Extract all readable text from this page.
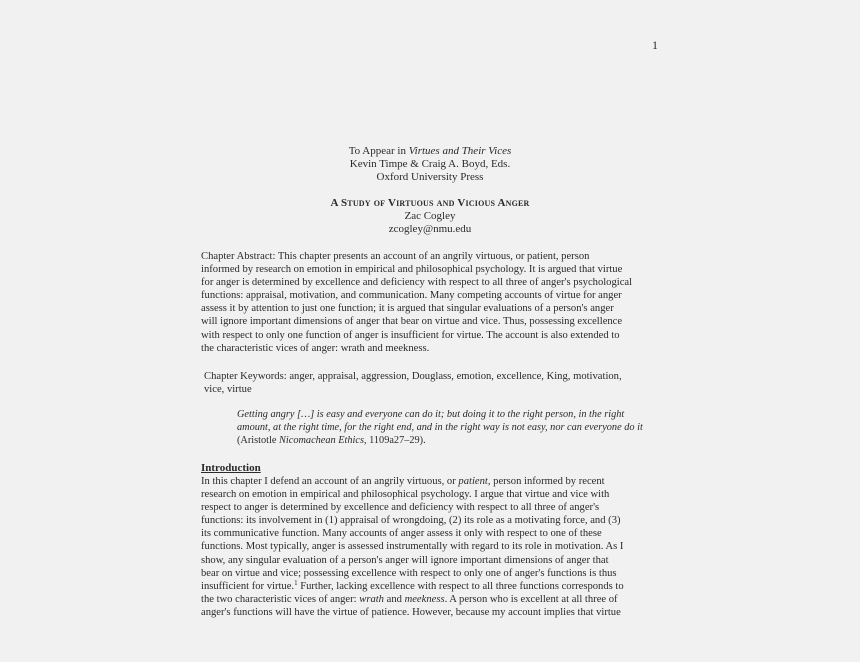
1
To Appear in Virtues and Their Vices
Kevin Timpe & Craig A. Boyd, Eds.
Oxford University Press
A Study of Virtuous and Vicious Anger
Zac Cogley
zcogley@nmu.edu
Chapter Abstract: This chapter presents an account of an angrily virtuous, or patient, person
informed by research on emotion in empirical and philosophical psychology. It is argued that virtue
for anger is determined by excellence and deficiency with respect to all three of anger's psychological
functions: appraisal, motivation, and communication. Many competing accounts of virtue for anger
assess it by attention to just one function; it is argued that singular evaluations of a person's anger
will ignore important dimensions of anger that bear on virtue and vice. Thus, possessing excellence
with respect to only one function of anger is insufficient for virtue. The account is also extended to
the characteristic vices of anger: wrath and meekness.
Chapter Keywords: anger, appraisal, aggression, Douglass, emotion, excellence, King, motivation,
vice, virtue
Getting angry […] is easy and everyone can do it; but doing it to the right person, in the right
amount, at the right time, for the right end, and in the right way is not easy, nor can everyone do it
(Aristotle Nicomachean Ethics, 1109a27–29).
Introduction
In this chapter I defend an account of an angrily virtuous, or patient, person informed by recent
research on emotion in empirical and philosophical psychology. I argue that virtue and vice with
respect to anger is determined by excellence and deficiency with respect to all three of anger's
functions: its involvement in (1) appraisal of wrongdoing, (2) its role as a motivating force, and (3)
its communicative function. Many accounts of anger assess it only with respect to one of these
functions. Most typically, anger is assessed instrumentally with regard to its role in motivation. As I
show, any singular evaluation of a person's anger will ignore important dimensions of anger that
bear on virtue and vice; possessing excellence with respect to only one of anger's functions is thus
insufficient for virtue.$^1$ Further, lacking excellence with respect to all three functions corresponds to
the two characteristic vices of anger: wrath and meekness. A person who is excellent at all three of
anger's functions will have the virtue of patience. However, because my account implies that virtue
